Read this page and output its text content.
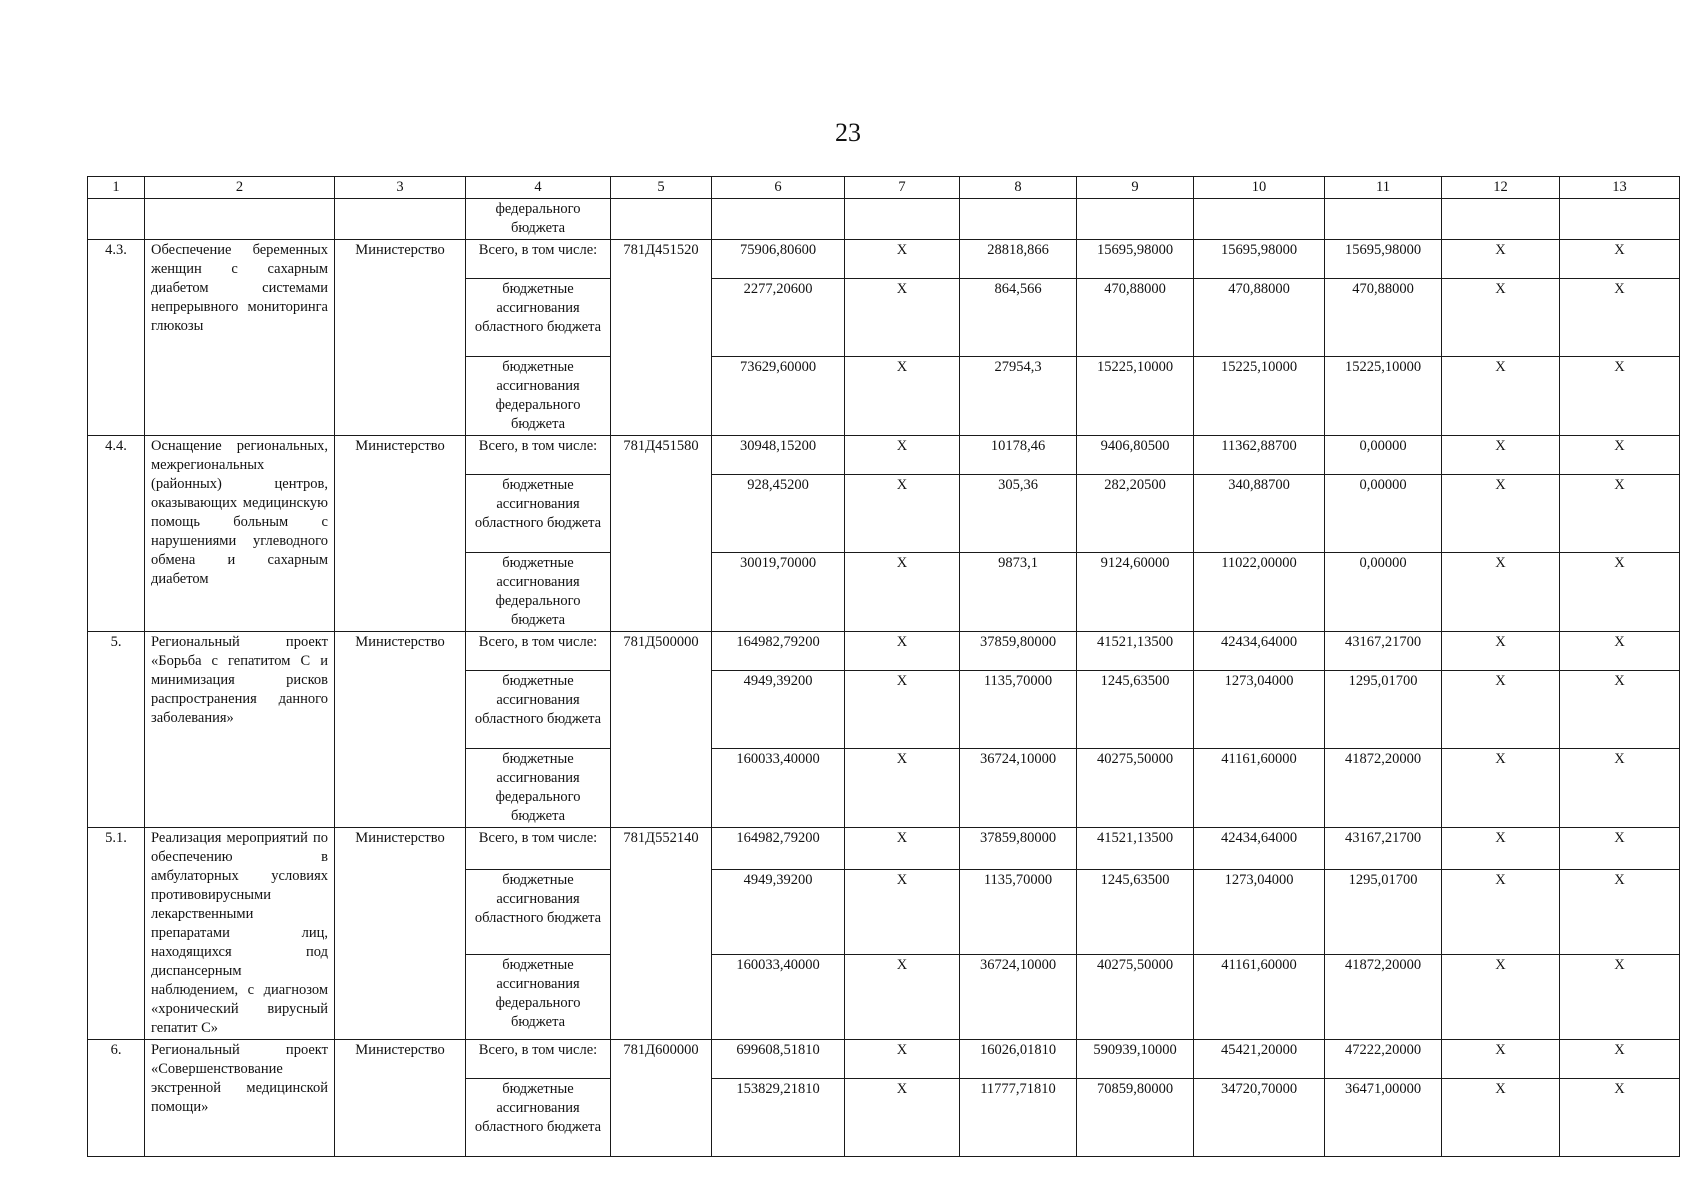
23
1	2	3	4	5	6	7	8	9	10	11	12	13
			федерального бюджета									
4.3.	Обеспечение беременных женщин с сахарным диабетом системами непрерывного мониторинга глюкозы	Министерство	Всего, в том числе:	781Д451520	75906,80600	X	28818,866	15695,98000	15695,98000	15695,98000	X	X
			бюджетные ассигнования областного бюджета		2277,20600	X	864,566	470,88000	470,88000	470,88000	X	X
			бюджетные ассигнования федерального бюджета		73629,60000	X	27954,3	15225,10000	15225,10000	15225,10000	X	X
4.4.	Оснащение региональных, межрегиональных (районных) центров, оказывающих медицинскую помощь больным с нарушениями углеводного обмена и сахарным диабетом	Министерство	Всего, в том числе:	781Д451580	30948,15200	X	10178,46	9406,80500	11362,88700	0,00000	X	X
			бюджетные ассигнования областного бюджета		928,45200	X	305,36	282,20500	340,88700	0,00000	X	X
			бюджетные ассигнования федерального бюджета		30019,70000	X	9873,1	9124,60000	11022,00000	0,00000	X	X
5.	Региональный проект «Борьба с гепатитом С и минимизация рисков распространения данного заболевания»	Министерство	Всего, в том числе:	781Д500000	164982,79200	X	37859,80000	41521,13500	42434,64000	43167,21700	X	X
			бюджетные ассигнования областного бюджета		4949,39200	X	1135,70000	1245,63500	1273,04000	1295,01700	X	X
			бюджетные ассигнования федерального бюджета		160033,40000	X	36724,10000	40275,50000	41161,60000	41872,20000	X	X
5.1.	Реализация мероприятий по обеспечению в амбулаторных условиях противовирусными лекарственными препаратами лиц, находящихся под диспансерным наблюдением, с диагнозом «хронический вирусный гепатит С»	Министерство	Всего, в том числе:	781Д552140	164982,79200	X	37859,80000	41521,13500	42434,64000	43167,21700	X	X
			бюджетные ассигнования областного бюджета		4949,39200	X	1135,70000	1245,63500	1273,04000	1295,01700	X	X
			бюджетные ассигнования федерального бюджета		160033,40000	X	36724,10000	40275,50000	41161,60000	41872,20000	X	X
6.	Региональный проект «Совершенствование экстренной медицинской помощи»	Министерство	Всего, в том числе:	781Д600000	699608,51810	X	16026,01810	590939,10000	45421,20000	47222,20000	X	X
			бюджетные ассигнования областного бюджета		153829,21810	X	11777,71810	70859,80000	34720,70000	36471,00000	X	X
